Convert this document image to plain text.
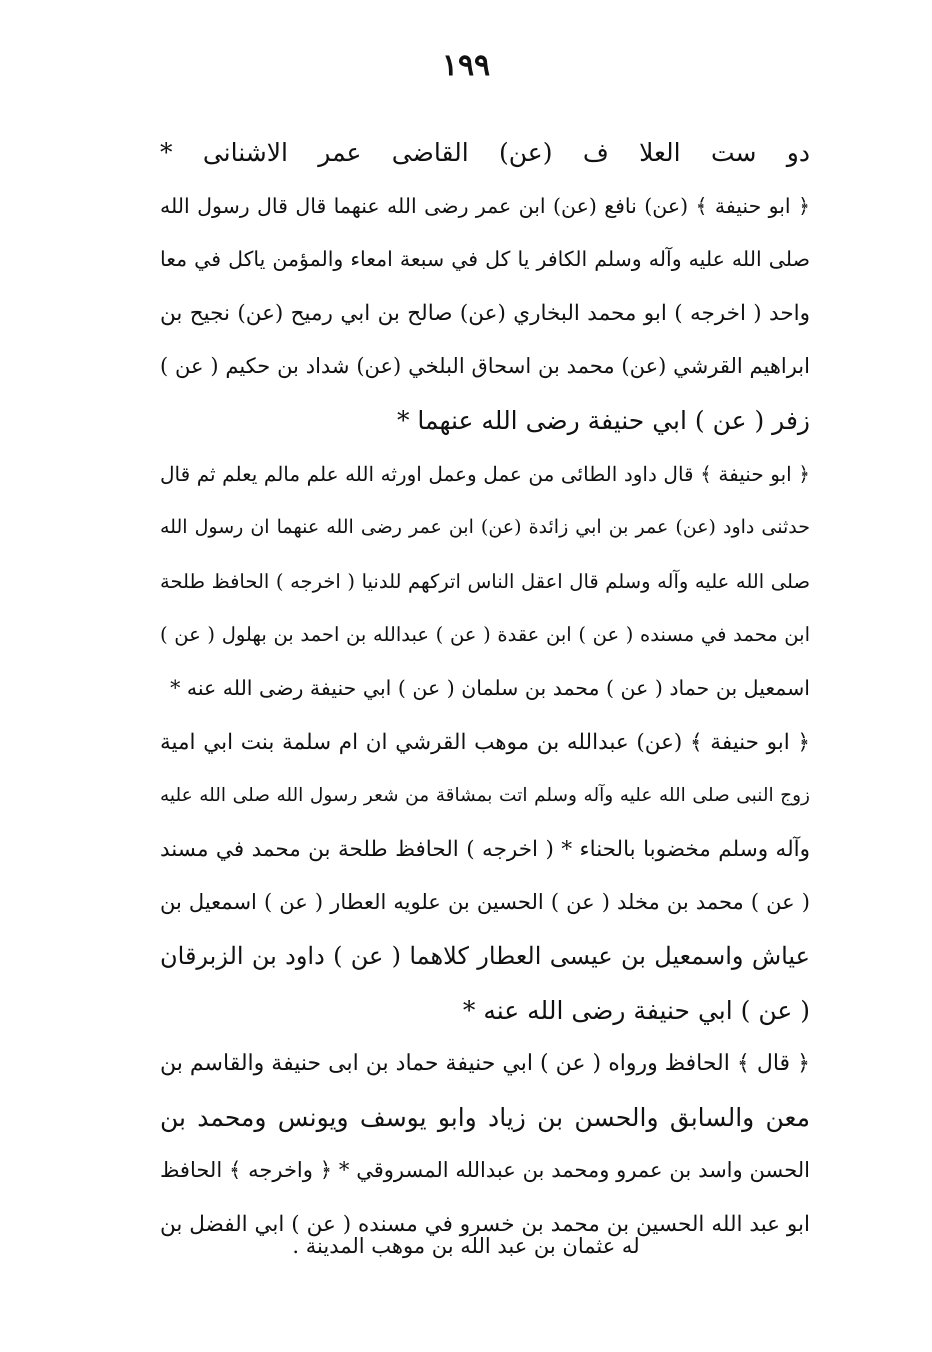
١٩٩
دو ست العلا ف (عن) القاضى عمر الاشنانى *
﴿ ابو حنيفة ﴾ (عن) نافع (عن) ابن عمر رضى الله عنهما قال قال رسول الله
صلى الله عليه وآله وسلم الكافر يا كل في سبعة امعاء والمؤمن ياكل في معا
واحد ( اخرجه ) ابو محمد البخاري (عن) صالح بن ابي رميح (عن) نجيح بن
ابراهيم القرشي (عن) محمد بن اسحاق البلخي (عن) شداد بن حكيم ( عن )
زفر ( عن ) ابي حنيفة رضى الله عنهما *
﴿ ابو حنيفة ﴾ قال داود الطائى من عمل وعمل اورثه الله علم مالم يعلم ثم قال
حدثنى داود (عن) عمر بن ابي زائدة (عن) ابن عمر رضى الله عنهما ان رسول الله
صلى الله عليه وآله وسلم قال اعقل الناس اتركهم للدنيا ( اخرجه ) الحافظ طلحة
ابن محمد في مسنده ( عن ) ابن عقدة ( عن ) عبدالله بن احمد بن بهلول ( عن )
اسمعيل بن حماد ( عن ) محمد بن سلمان ( عن ) ابي حنيفة رضى الله عنه *
﴿ ابو حنيفة ﴾ (عن) عبدالله بن موهب القرشي ان ام سلمة بنت ابي امية
زوج النبى صلى الله عليه وآله وسلم اتت بمشاقة من شعر رسول الله صلى الله عليه
وآله وسلم مخضوبا بالحناء * ( اخرجه ) الحافظ طلحة بن محمد في مسند
( عن ) محمد بن مخلد ( عن ) الحسين بن علويه العطار ( عن ) اسمعيل بن
عياش واسمعيل بن عيسى العطار كلاهما ( عن ) داود بن الزبرقان
( عن ) ابي حنيفة رضى الله عنه *
﴿ قال ﴾ الحافظ ورواه ( عن ) ابي حنيفة حماد بن ابى حنيفة والقاسم بن
معن والسابق والحسن بن زياد وابو يوسف ويونس ومحمد بن
الحسن واسد بن عمرو ومحمد بن عبدالله المسروقي * ﴿ واخرجه ﴾ الحافظ
ابو عبد الله الحسين بن محمد بن خسرو في مسنده ( عن ) ابي الفضل بن
له عثمان بن عبد الله بن موهب المدينة .
